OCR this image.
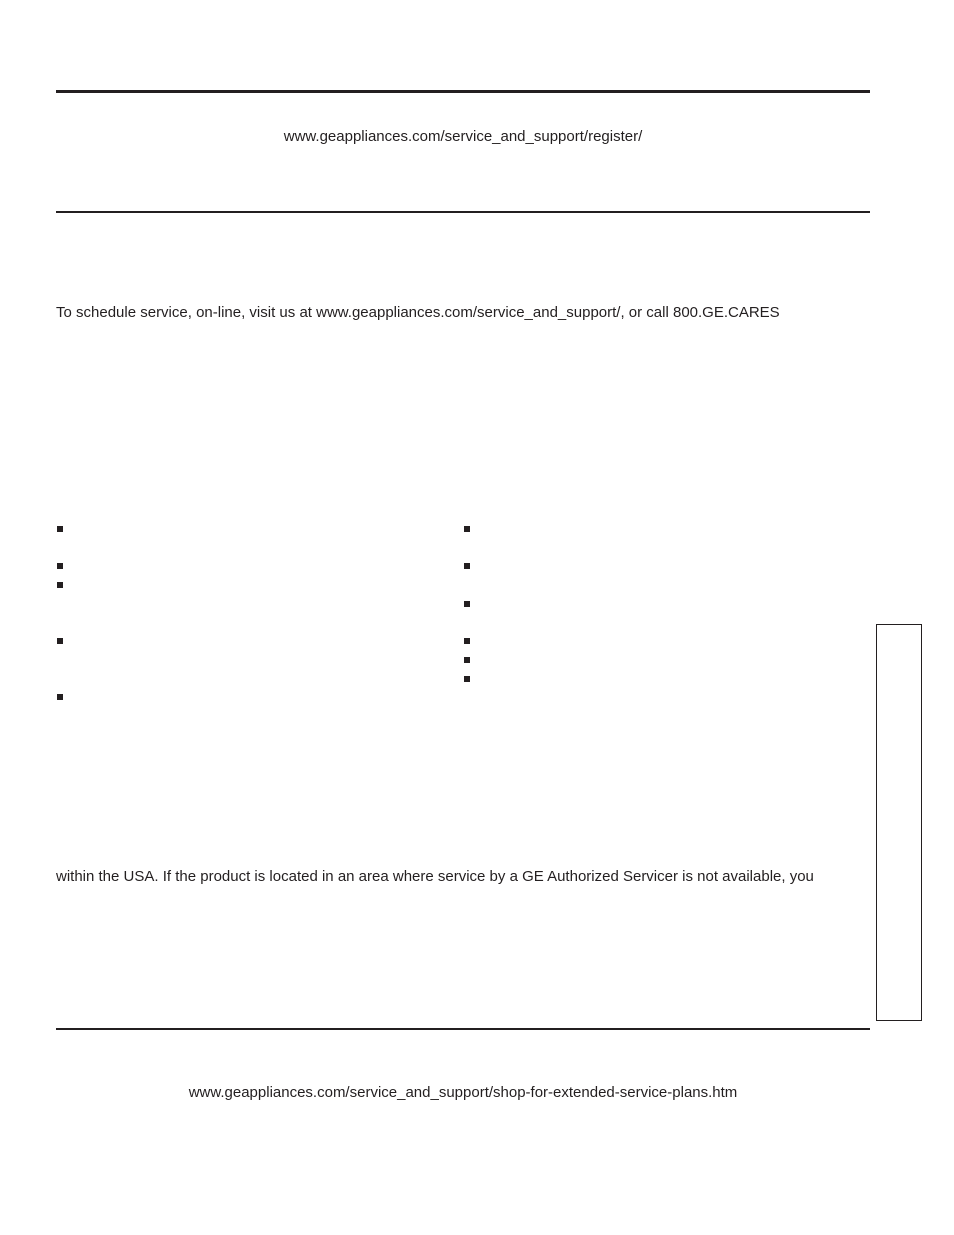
www.geappliances.com/service_and_support/register/
To schedule service, on-line, visit us at www.geappliances.com/service_and_support/, or call 800.GE.CARES
within the USA. If the product is located in an area where service by a GE Authorized Servicer is not available, you
www.geappliances.com/service_and_support/shop-for-extended-service-plans.htm
